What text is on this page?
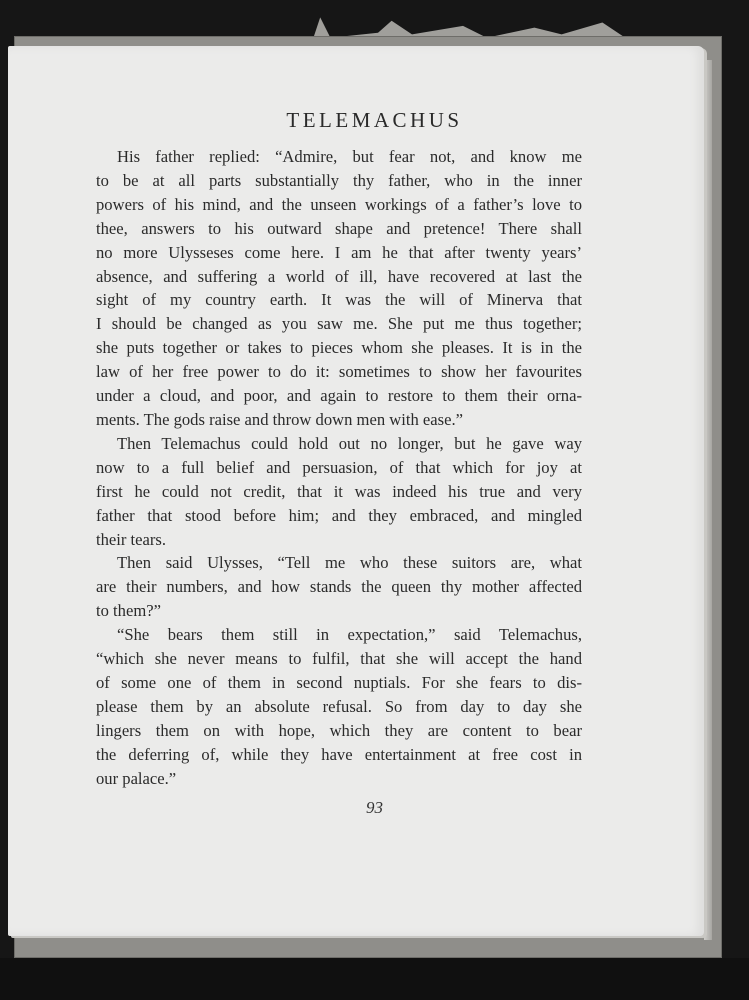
TELEMACHUS
His father replied: “Admire, but fear not, and know me
to be at all parts substantially thy father, who in the inner
powers of his mind, and the unseen workings of a father’s love to
thee, answers to his outward shape and pretence! There shall
no more Ulysseses come here. I am he that after twenty years’
absence, and suffering a world of ill, have recovered at last the
sight of my country earth. It was the will of Minerva that
I should be changed as you saw me. She put me thus together;
she puts together or takes to pieces whom she pleases. It is in the
law of her free power to do it: sometimes to show her favourites
under a cloud, and poor, and again to restore to them their orna-
ments. The gods raise and throw down men with ease.”
Then Telemachus could hold out no longer, but he gave way
now to a full belief and persuasion, of that which for joy at
first he could not credit, that it was indeed his true and very
father that stood before him; and they embraced, and mingled
their tears.
Then said Ulysses, “Tell me who these suitors are, what
are their numbers, and how stands the queen thy mother affected
to them?”
“She bears them still in expectation,” said Telemachus,
“which she never means to fulfil, that she will accept the hand
of some one of them in second nuptials. For she fears to dis-
please them by an absolute refusal. So from day to day she
lingers them on with hope, which they are content to bear
the deferring of, while they have entertainment at free cost in
our palace.”
93
